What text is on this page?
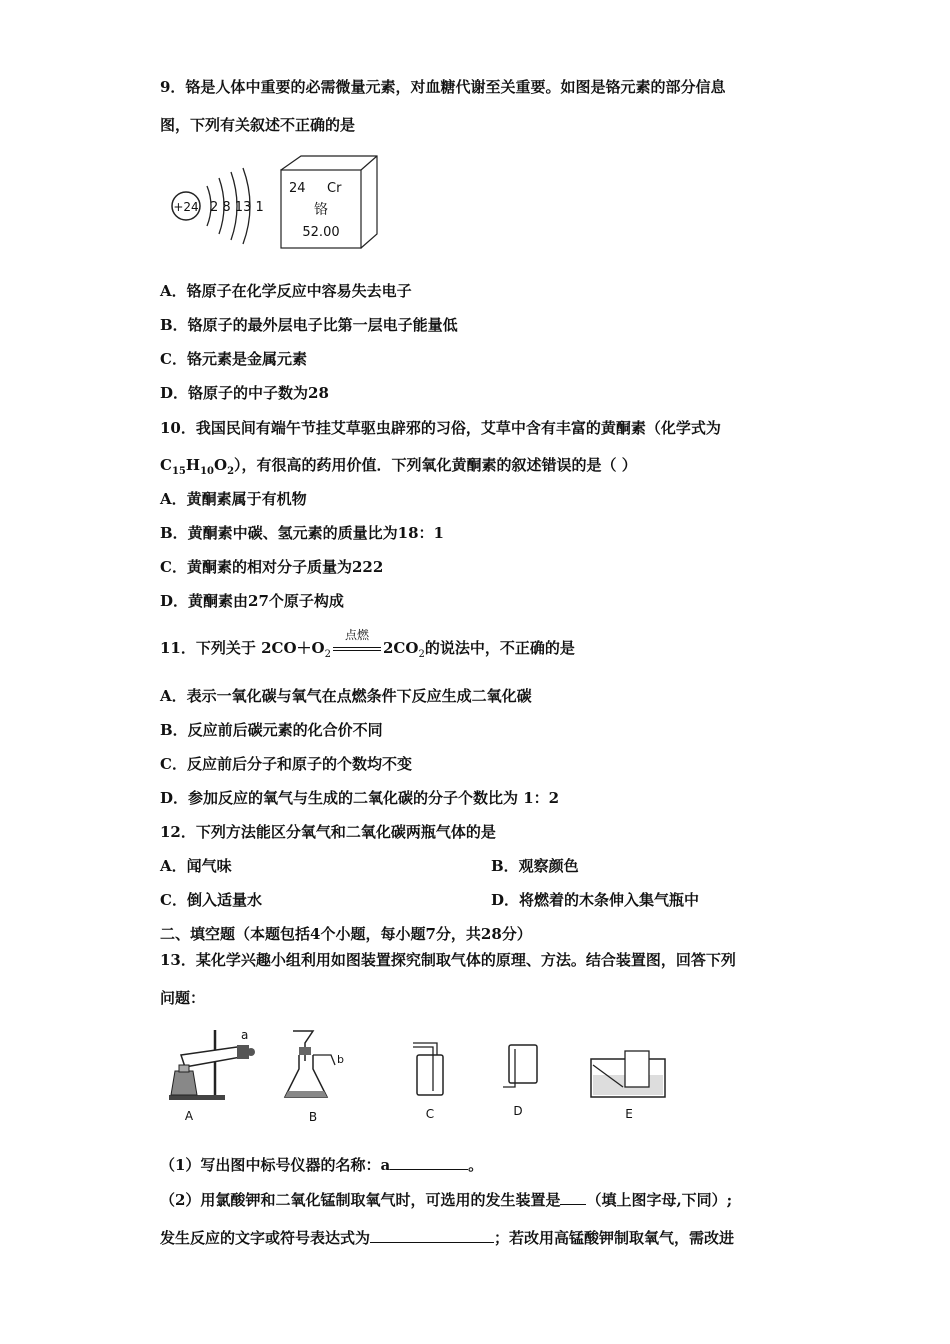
9．铬是人体中重要的必需微量元素，对血糖代谢至关重要。如图是铬元素的部分信息
图，下列有关叙述不正确的是
+24 2 8 13 1
24 Cr
铬
52.00
A．铬原子在化学反应中容易失去电子
B．铬原子的最外层电子比第一层电子能量低
C．铬元素是金属元素
D．铬原子的中子数为28
10．我国民间有端午节挂艾草驱虫辟邪的习俗，艾草中含有丰富的黄酮素（化学式为
$C_{15}H_{10}O_2$），有很高的药用价值．下列氧化黄酮素的叙述错误的是（ ）
A．黄酮素属于有机物
B．黄酮素中碳、氢元素的质量比为18：1
C．黄酮素的相对分子质量为222
D．黄酮素由27个原子构成
11．下列关于 $2CO+O_2$
点燃
$2CO_2$的说法中，不正确的是
A．表示一氧化碳与氧气在点燃条件下反应生成二氧化碳
B．反应前后碳元素的化合价不同
C．反应前后分子和原子的个数均不变
D．参加反应的氧气与生成的二氧化碳的分子个数比为 1：2
12．下列方法能区分氧气和二氧化碳两瓶气体的是
A．闻气味	B．观察颜色
C．倒入适量水	D．将燃着的木条伸入集气瓶中
二、填空题（本题包括4个小题，每小题7分，共28分）
13．某化学兴趣小组利用如图装置探究制取气体的原理、方法。结合装置图，回答下列
问题：
a
A
b
B	C	D	E
（1）写出图中标号仪器的名称：a	。
（2）用氯酸钾和二氧化锰制取氧气时，可选用的发生装置是 （填上图字母,下同）;
发生反应的文字或符号表达式为	；若改用高锰酸钾制取氧气，需改进
